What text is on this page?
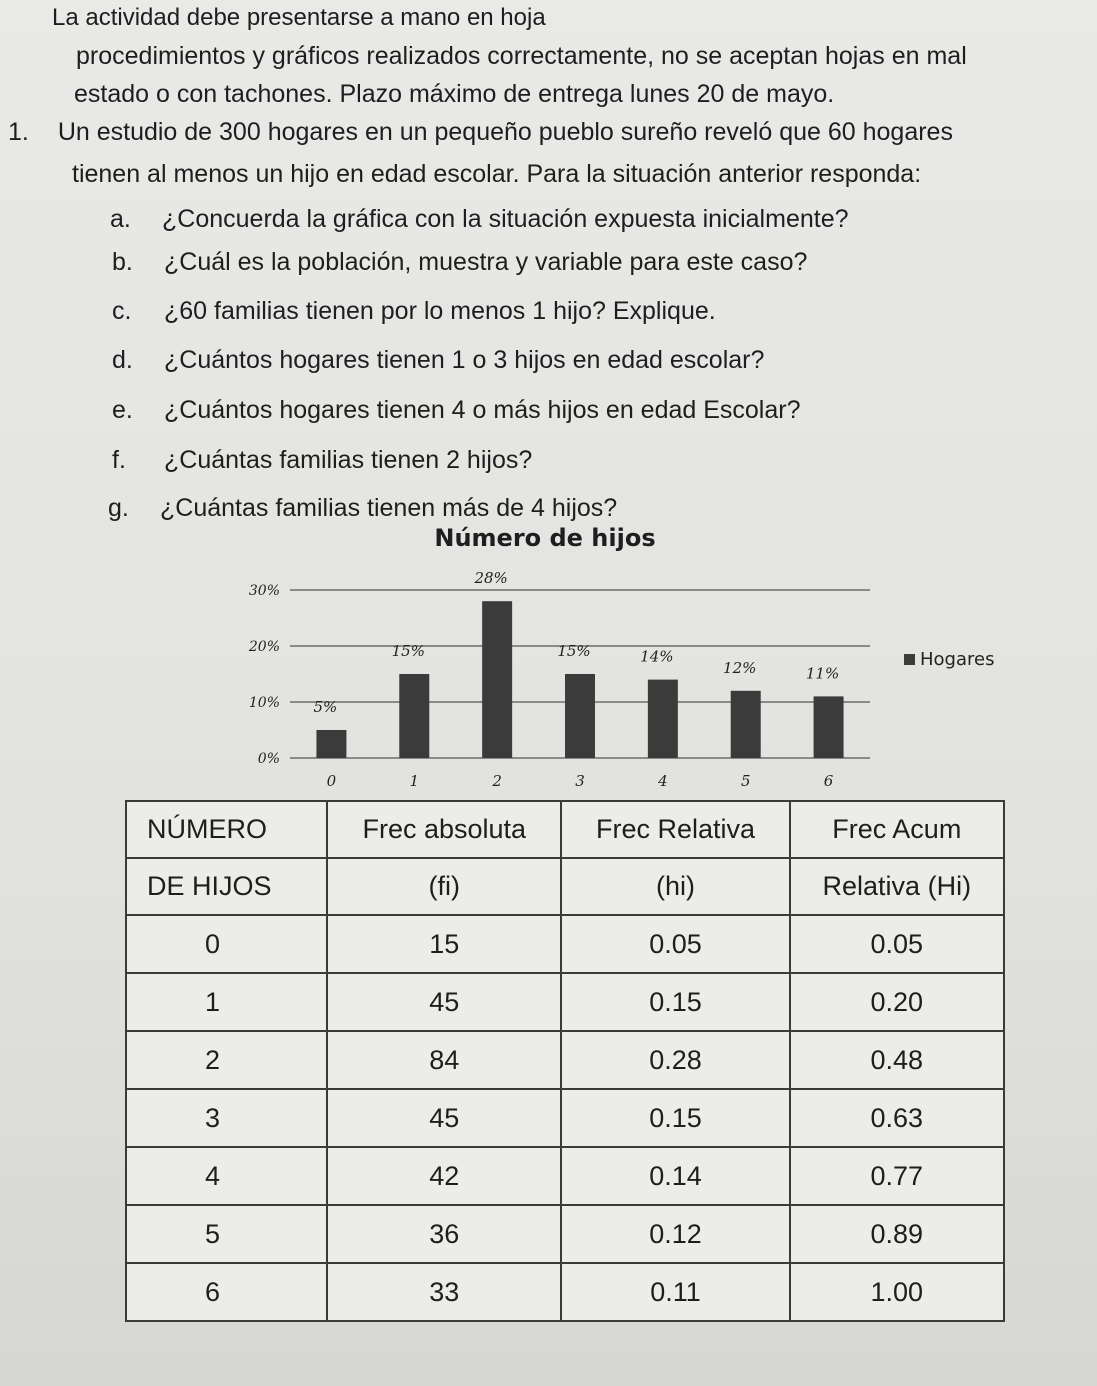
La actividad debe presentarse a mano en hoja
procedimientos y gráficos realizados correctamente, no se aceptan hojas en mal
estado o con tachones. Plazo máximo de entrega lunes 20 de mayo.
1. Un estudio de 300 hogares en un pequeño pueblo sureño reveló que 60 hogares
tienen al menos un hijo en edad escolar. Para la situación anterior responda:
a. ¿Concuerda la gráfica con la situación expuesta inicialmente?
b. ¿Cuál es la población, muestra y variable para este caso?
c. ¿60 familias tienen por lo menos 1 hijo? Explique.
d. ¿Cuántos hogares tienen 1 o 3 hijos en edad escolar?
e. ¿Cuántos hogares tienen 4 o más hijos en edad Escolar?
f. ¿Cuántas familias tienen 2 hijos?
g. ¿Cuántas familias tienen más de 4 hijos?
Número de hijos
0%
10%
20%
30%
5%
0
15%
1
28%
2
15%
3
14%
4
12%
5
11%
6
Hogares
NÚMERO	Frec absoluta	Frec Relativa	Frec Acum
DE HIJOS	(fi)	(hi)	Relativa (Hi)
0	15	0.05	0.05
1	45	0.15	0.20
2	84	0.28	0.48
3	45	0.15	0.63
4	42	0.14	0.77
5	36	0.12	0.89
6	33	0.11	1.00
